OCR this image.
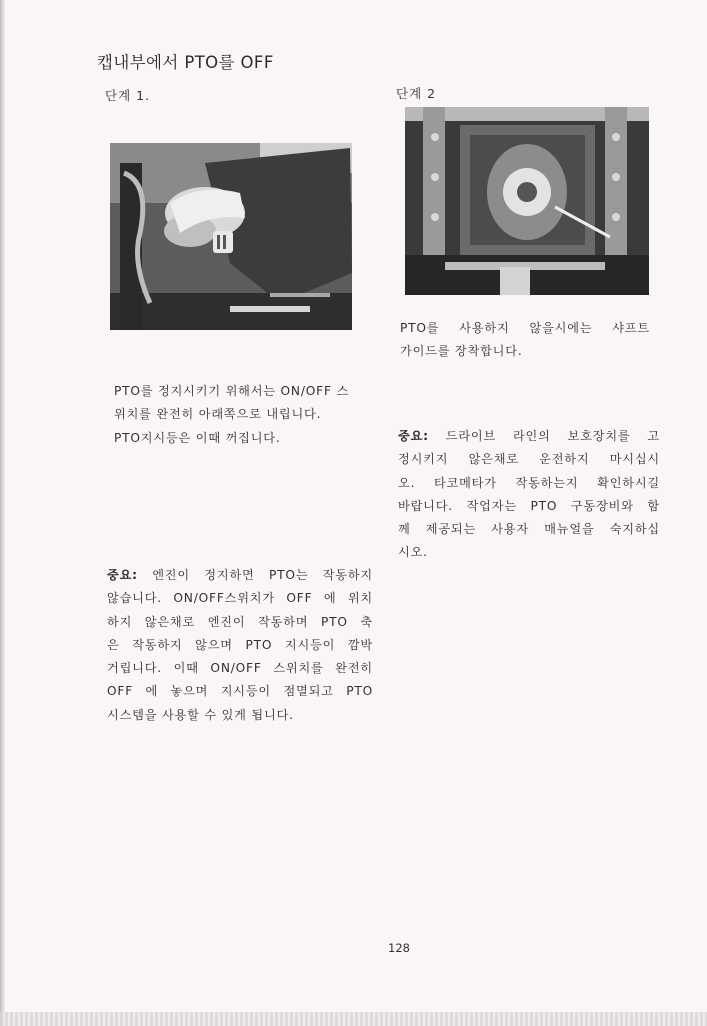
캡내부에서 PTO를 OFF
단계 1.	단계 2

PTO를 사용하지 않을시에는 샤프트
가이드를 장착합니다.

PTO를 정지시키기 위해서는 ON/OFF 스
위치를 완전히 아래쪽으로 내립니다.
PTO지시등은 이때 꺼집니다.	중요: 드라이브 라인의 보호장치를 고
정시키지 않은채로 운전하지 마시십시
오. 타코메타가 작동하는지 확인하시길
바랍니다. 작업자는 PTO 구동장비와 함
께 제공되는 사용자 매뉴얼을 숙지하십
시오.

중요: 엔진이 정지하면 PTO는 작동하지
않습니다. ON/OFF스위치가 OFF 에 위치
하지 않은채로 엔진이 작동하며 PTO 축
은 작동하지 않으며 PTO 지시등이 깜박
거립니다. 이때 ON/OFF 스위치를 완전히
OFF 에 놓으며 지시등이 점멸되고 PTO
시스템을 사용할 수 있게 됩니다.

128
